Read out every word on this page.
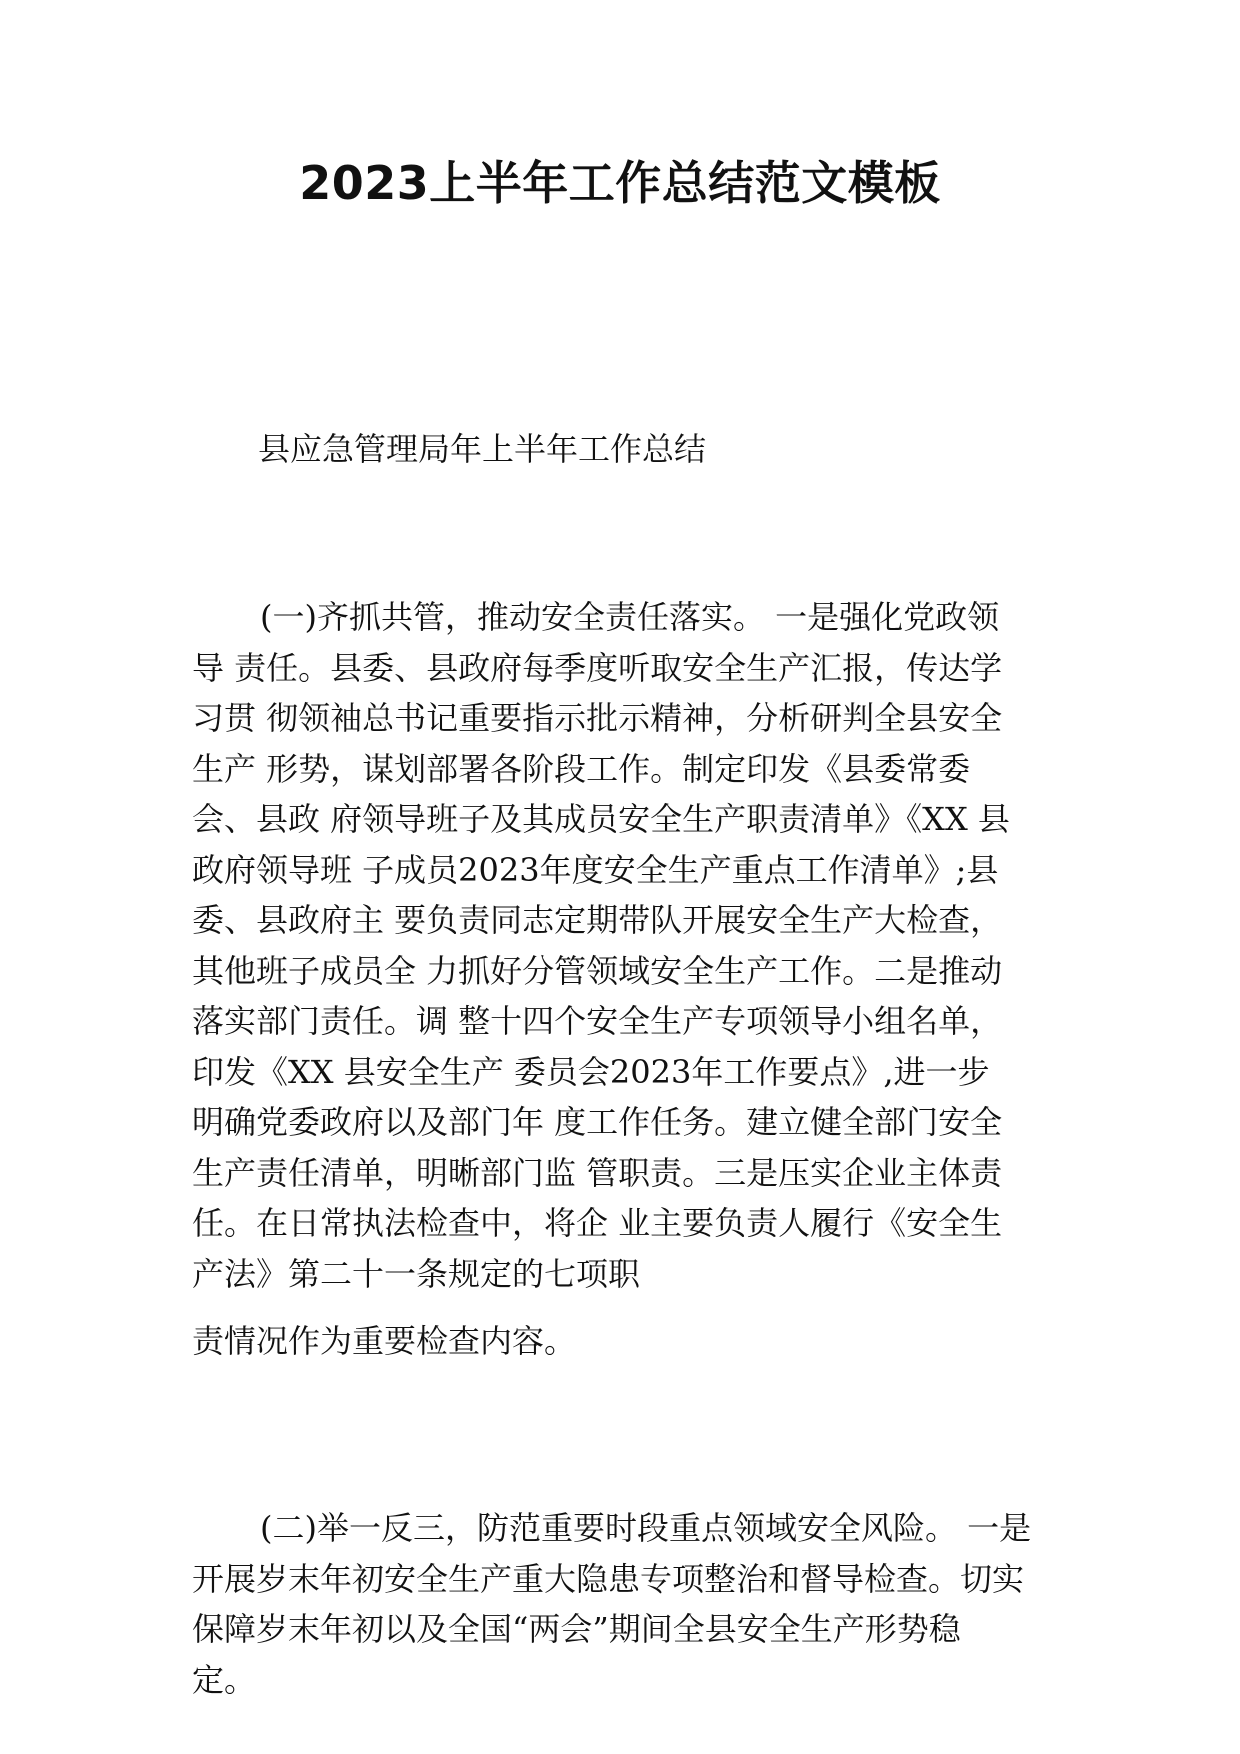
2023上半年工作总结范文模板

县应急管理局年上半年工作总结

(一)齐抓共管，推动安全责任落实。 一是强化党政领
导 责任。县委、县政府每季度听取安全生产汇报，传达学
习贯 彻领袖总书记重要指示批示精神，分析研判全县安全
生产 形势，谋划部署各阶段工作。制定印发《县委常委
会、县政 府领导班子及其成员安全生产职责清单》《XX 县
政府领导班 子成员2023年度安全生产重点工作清单》;县
委、县政府主 要负责同志定期带队开展安全生产大检查，
其他班子成员全 力抓好分管领域安全生产工作。二是推动
落实部门责任。调 整十四个安全生产专项领导小组名单，
印发《XX 县安全生产 委员会2023年工作要点》,进一步
明确党委政府以及部门年 度工作任务。建立健全部门安全
生产责任清单，明晰部门监 管职责。三是压实企业主体责
任。在日常执法检查中，将企 业主要负责人履行《安全生
产法》第二十一条规定的七项职
责情况作为重要检查内容。
(二)举一反三，防范重要时段重点领域安全风险。 一是
开展岁末年初安全生产重大隐患专项整治和督导检查。切实
保障岁末年初以及全国“两会”期间全县安全生产形势稳
定。
